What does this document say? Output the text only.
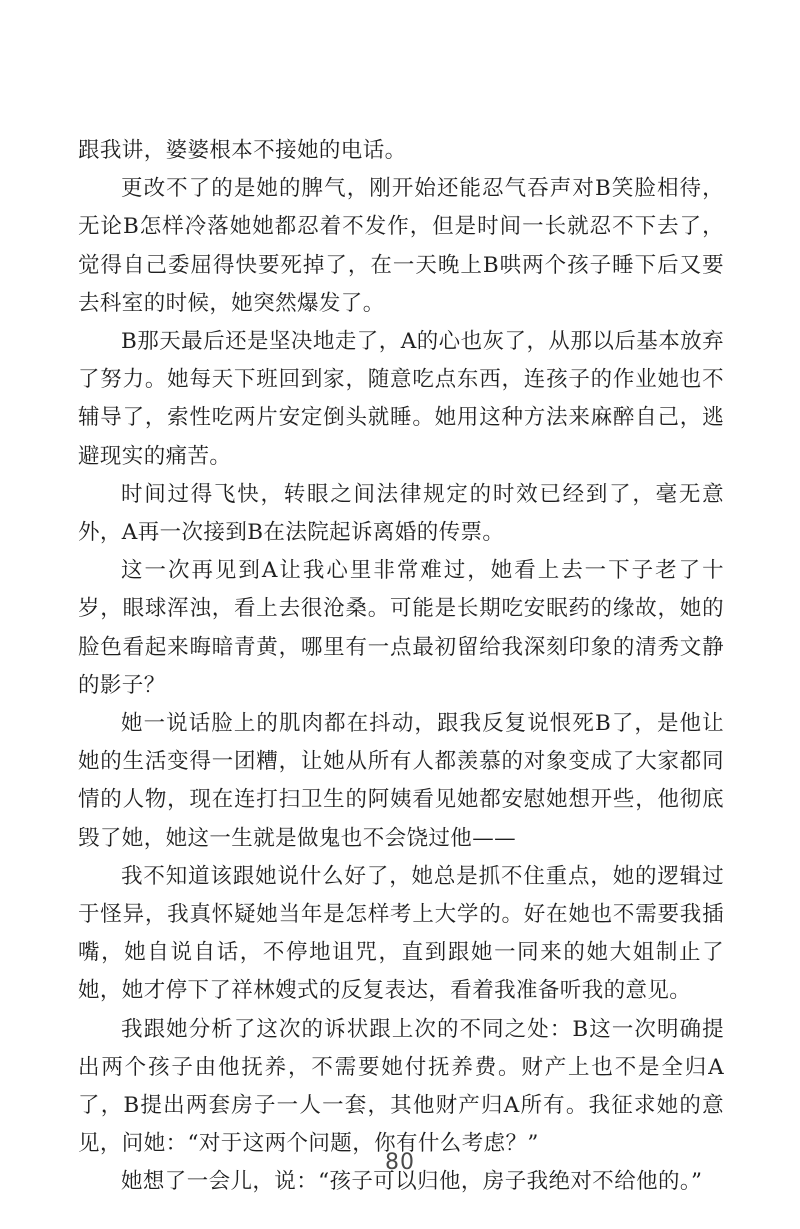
跟我讲，婆婆根本不接她的电话。

更改不了的是她的脾气，刚开始还能忍气吞声对B笑脸相待，无论B怎样冷落她她都忍着不发作，但是时间一长就忍不下去了，觉得自己委屈得快要死掉了，在一天晚上B哄两个孩子睡下后又要去科室的时候，她突然爆发了。

B那天最后还是坚决地走了，A的心也灰了，从那以后基本放弃了努力。她每天下班回到家，随意吃点东西，连孩子的作业她也不辅导了，索性吃两片安定倒头就睡。她用这种方法来麻醉自己，逃避现实的痛苦。

时间过得飞快，转眼之间法律规定的时效已经到了，毫无意外，A再一次接到B在法院起诉离婚的传票。

这一次再见到A让我心里非常难过，她看上去一下子老了十岁，眼球浑浊，看上去很沧桑。可能是长期吃安眠药的缘故，她的脸色看起来晦暗青黄，哪里有一点最初留给我深刻印象的清秀文静的影子？

她一说话脸上的肌肉都在抖动，跟我反复说恨死B了，是他让她的生活变得一团糟，让她从所有人都羡慕的对象变成了大家都同情的人物，现在连打扫卫生的阿姨看见她都安慰她想开些，他彻底毁了她，她这一生就是做鬼也不会饶过他——

我不知道该跟她说什么好了，她总是抓不住重点，她的逻辑过于怪异，我真怀疑她当年是怎样考上大学的。好在她也不需要我插嘴，她自说自话，不停地诅咒，直到跟她一同来的她大姐制止了她，她才停下了祥林嫂式的反复表达，看着我准备听我的意见。

我跟她分析了这次的诉状跟上次的不同之处：B这一次明确提出两个孩子由他抚养，不需要她付抚养费。财产上也不是全归A了，B提出两套房子一人一套，其他财产归A所有。我征求她的意见，问她：“对于这两个问题，你有什么考虑？”

她想了一会儿，说：“孩子可以归他，房子我绝对不给他的。”

80
